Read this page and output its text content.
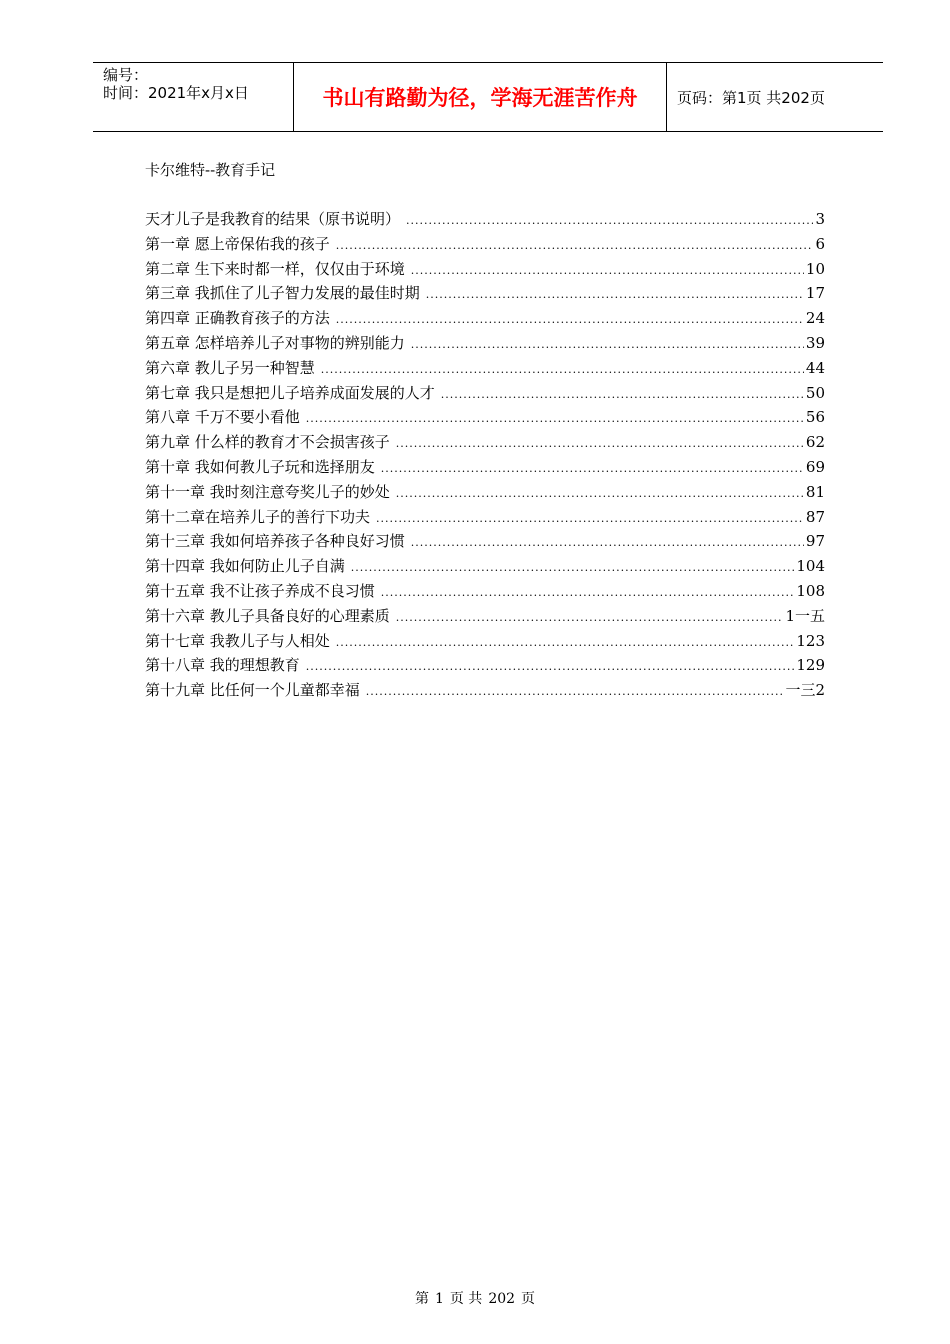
编号：
时间：2021年x月x日	书山有路勤为径，学海无涯苦作舟	页码：第1页 共202页
卡尔维特--教育手记
天才儿子是我教育的结果（原书说明） .....	3
第一章 愿上帝保佑我的孩子 .....	6
第二章 生下来时都一样，仅仅由于环境 .....	10
第三章 我抓住了儿子智力发展的最佳时期 .....	17
第四章 正确教育孩子的方法 .....	24
第五章 怎样培养儿子对事物的辨别能力 .....	39
第六章 教儿子另一种智慧 .....	44
第七章 我只是想把儿子培养成面发展的人才 .....	50
第八章 千万不要小看他 .....	56
第九章 什么样的教育才不会损害孩子 .....	62
第十章 我如何教儿子玩和选择朋友 .....	69
第十一章 我时刻注意夸奖儿子的妙处 .....	81
第十二章在培养儿子的善行下功夫 .....	87
第十三章 我如何培养孩子各种良好习惯 .....	97
第十四章 我如何防止儿子自满 .....	104
第十五章 我不让孩子养成不良习惯 .....	108
第十六章 教儿子具备良好的心理素质 .....	1一五
第十七章 我教儿子与人相处 .....	123
第十八章 我的理想教育 .....	129
第十九章 比任何一个儿童都幸福 .....	一三2
第 1 页 共 202 页
